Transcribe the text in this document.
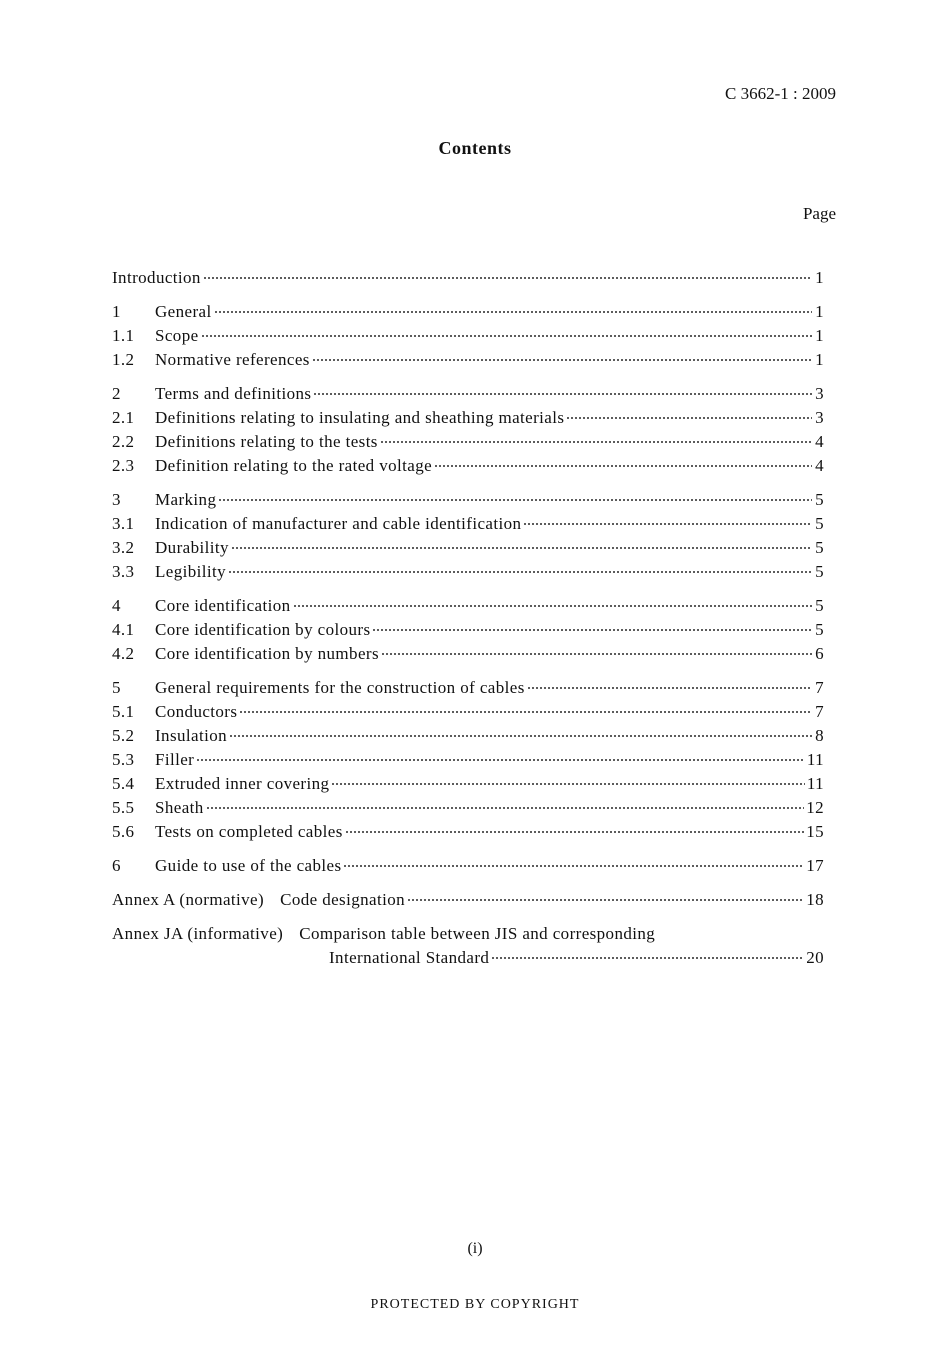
C 3662-1 : 2009
Contents
Page
Introduction	1
1	General	1
1.1	Scope	1
1.2	Normative references	1
2	Terms and definitions	3
2.1	Definitions relating to insulating and sheathing materials	3
2.2	Definitions relating to the tests	4
2.3	Definition relating to the rated voltage	4
3	Marking	5
3.1	Indication of manufacturer and cable identification	5
3.2	Durability	5
3.3	Legibility	5
4	Core identification	5
4.1	Core identification by colours	5
4.2	Core identification by numbers	6
5	General requirements for the construction of cables	7
5.1	Conductors	7
5.2	Insulation	8
5.3	Filler	11
5.4	Extruded inner covering	11
5.5	Sheath	12
5.6	Tests on completed cables	15
6	Guide to use of the cables	17
Annex A (normative) Code designation	18
Annex JA (informative) Comparison table between JIS and corresponding
International Standard	20
(i)
PROTECTED BY COPYRIGHT
